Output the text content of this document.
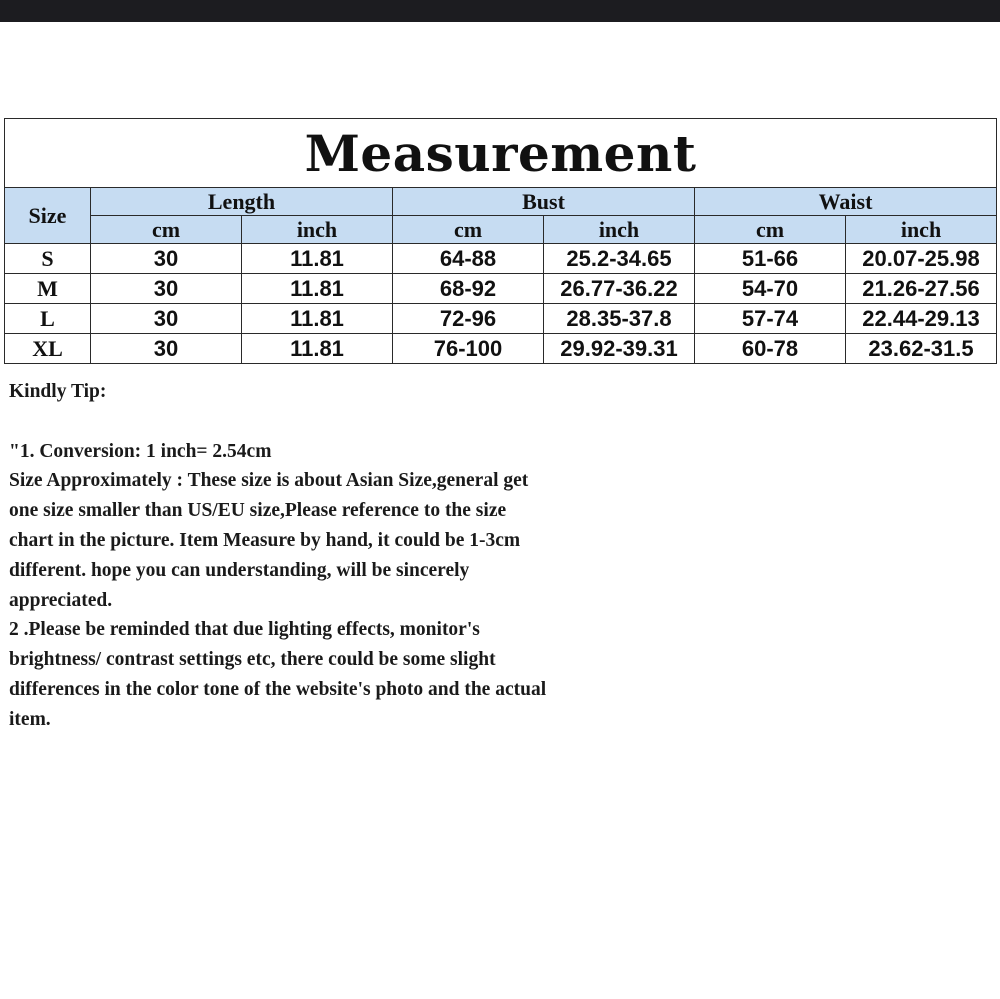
Measurement						
Size	Length		Bust		Waist	
	cm	inch	cm	inch	cm	inch
S	30	11.81	64-88	25.2-34.65	51-66	20.07-25.98
M	30	11.81	68-92	26.77-36.22	54-70	21.26-27.56
L	30	11.81	72-96	28.35-37.8	57-74	22.44-29.13
XL	30	11.81	76-100	29.92-39.31	60-78	23.62-31.5

Kindly Tip:

"1. Conversion: 1 inch= 2.54cm

Size Approximately : These size is about Asian Size,general get

one size smaller than US/EU size,Please reference to the size

chart in the picture. Item Measure by hand, it could be 1-3cm

different. hope you can understanding, will be sincerely

appreciated.

2 .Please be reminded that due lighting effects, monitor's

brightness/ contrast settings etc, there could be some slight

differences in the color tone of the website's photo and the actual

item.
